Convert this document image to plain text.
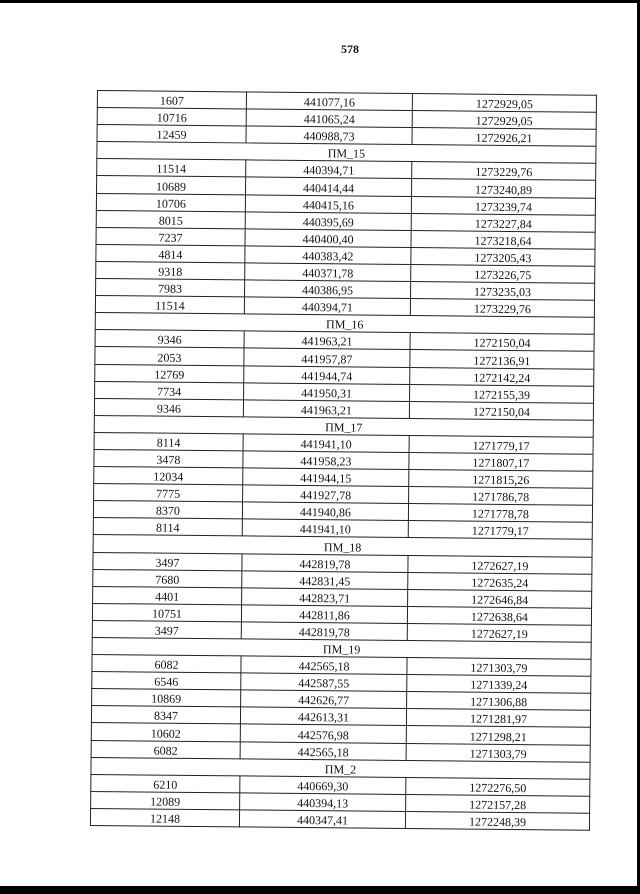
578
1607	441077,16	1272929,05
10716	441065,24	1272929,05
12459	440988,73	1272926,21
ПМ_15		
11514	440394,71	1273229,76
10689	440414,44	1273240,89
10706	440415,16	1273239,74
8015	440395,69	1273227,84
7237	440400,40	1273218,64
4814	440383,42	1273205,43
9318	440371,78	1273226,75
7983	440386,95	1273235,03
11514	440394,71	1273229,76
ПМ_16		
9346	441963,21	1272150,04
2053	441957,87	1272136,91
12769	441944,74	1272142,24
7734	441950,31	1272155,39
9346	441963,21	1272150,04
ПМ_17		
8114	441941,10	1271779,17
3478	441958,23	1271807,17
12034	441944,15	1271815,26
7775	441927,78	1271786,78
8370	441940,86	1271778,78
8114	441941,10	1271779,17
ПМ_18		
3497	442819,78	1272627,19
7680	442831,45	1272635,24
4401	442823,71	1272646,84
10751	442811,86	1272638,64
3497	442819,78	1272627,19
ПМ_19		
6082	442565,18	1271303,79
6546	442587,55	1271339,24
10869	442626,77	1271306,88
8347	442613,31	1271281,97
10602	442576,98	1271298,21
6082	442565,18	1271303,79
ПМ_2		
6210	440669,30	1272276,50
12089	440394,13	1272157,28
12148	440347,41	1272248,39
